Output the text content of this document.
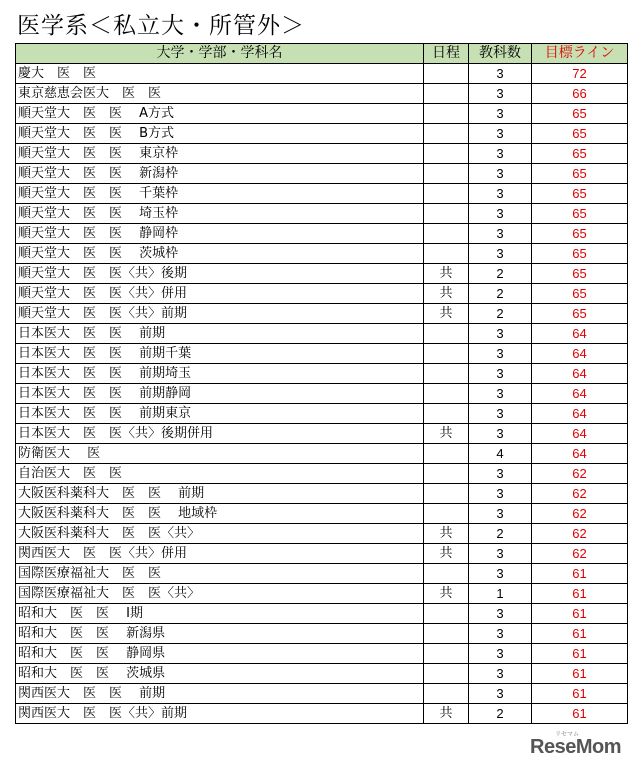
医学系＜私立大・所管外＞
大学・学部・学科名	日程	教科数	目標ライン
慶大　医　医		3	72
東京慈恵会医大　医　医		3	66
順天堂大　医　医　 A方式		3	65
順天堂大　医　医　 B方式		3	65
順天堂大　医　医　 東京枠		3	65
順天堂大　医　医　 新潟枠		3	65
順天堂大　医　医　 千葉枠		3	65
順天堂大　医　医　 埼玉枠		3	65
順天堂大　医　医　 静岡枠		3	65
順天堂大　医　医　 茨城枠		3	65
順天堂大　医　医〈共〉後期	共	2	65
順天堂大　医　医〈共〉併用	共	2	65
順天堂大　医　医〈共〉前期	共	2	65
日本医大　医　医　 前期		3	64
日本医大　医　医　 前期千葉		3	64
日本医大　医　医　 前期埼玉		3	64
日本医大　医　医　 前期静岡		3	64
日本医大　医　医　 前期東京		3	64
日本医大　医　医〈共〉後期併用	共	3	64
防衛医大　 医		4	64
自治医大　医　医		3	62
大阪医科薬科大　医　医　 前期		3	62
大阪医科薬科大　医　医　 地域枠		3	62
大阪医科薬科大　医　医〈共〉	共	2	62
関西医大　医　医〈共〉併用	共	3	62
国際医療福祉大　医　医		3	61
国際医療福祉大　医　医〈共〉	共	1	61
昭和大　医　医　 Ⅰ期		3	61
昭和大　医　医　 新潟県		3	61
昭和大　医　医　 静岡県		3	61
昭和大　医　医　 茨城県		3	61
関西医大　医　医　 前期		3	61
関西医大　医　医〈共〉前期	共	2	61
リセマム
ReseMom
